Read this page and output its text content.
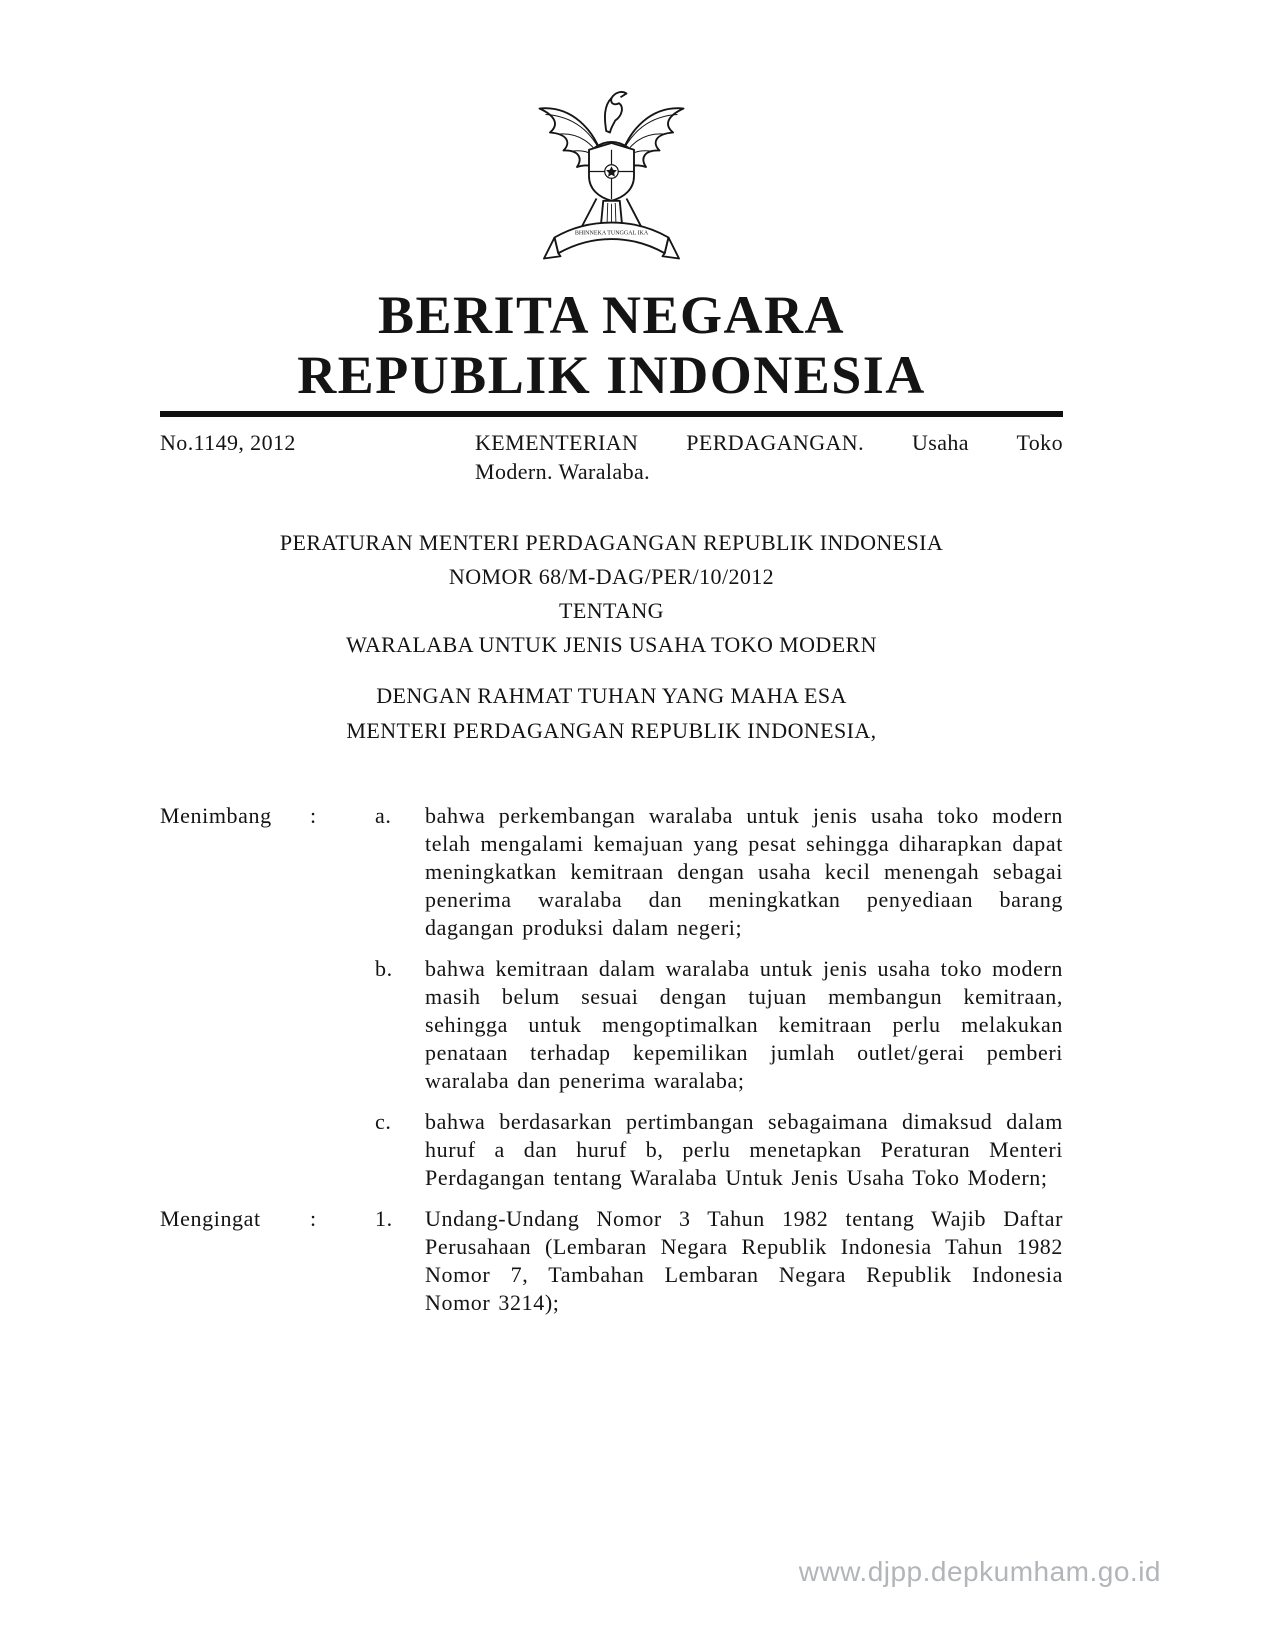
BHINNEKA TUNGGAL IKA
BERITA NEGARA
REPUBLIK INDONESIA
No.1149, 2012	KEMENTERIAN PERDAGANGAN. Usaha Toko
Modern. Waralaba.
PERATURAN MENTERI PERDAGANGAN REPUBLIK INDONESIA
NOMOR 68/M-DAG/PER/10/2012
TENTANG
WARALABA UNTUK JENIS USAHA TOKO MODERN
DENGAN RAHMAT TUHAN YANG MAHA ESA
MENTERI PERDAGANGAN REPUBLIK INDONESIA,
Menimbang	:	a.	bahwa perkembangan waralaba untuk jenis usaha toko modern telah mengalami kemajuan yang pesat sehingga diharapkan dapat meningkatkan kemitraan dengan usaha kecil menengah sebagai penerima waralaba dan meningkatkan penyediaan barang dagangan produksi dalam negeri;

b.	bahwa kemitraan dalam waralaba untuk jenis usaha toko modern masih belum sesuai dengan tujuan membangun kemitraan, sehingga untuk mengoptimalkan kemitraan perlu melakukan penataan terhadap kepemilikan jumlah outlet/gerai pemberi waralaba dan penerima waralaba;

c.	bahwa berdasarkan pertimbangan sebagaimana dimaksud dalam huruf a dan huruf b, perlu menetapkan Peraturan Menteri Perdagangan tentang Waralaba Untuk Jenis Usaha Toko Modern;

Mengingat	:	1.	Undang-Undang Nomor 3 Tahun 1982 tentang Wajib Daftar Perusahaan (Lembaran Negara Republik Indonesia Tahun 1982 Nomor 7, Tambahan Lembaran Negara Republik Indonesia Nomor 3214);

www.djpp.depkumham.go.id
